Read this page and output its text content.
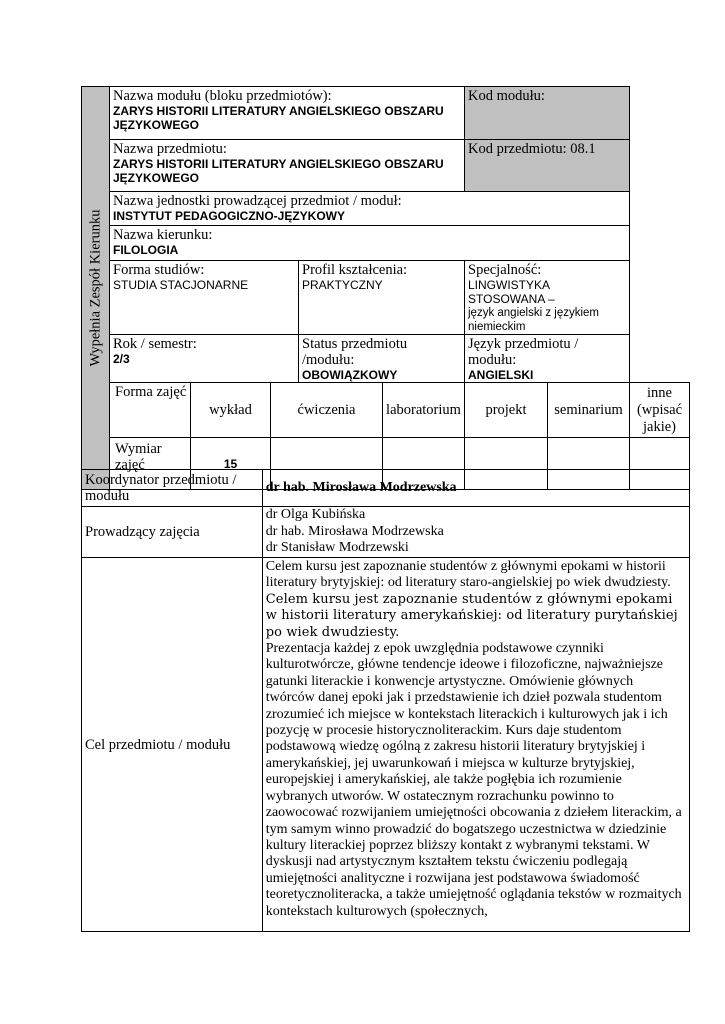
Wypełnia Zespół Kierunku	Nazwa modułu (bloku przedmiotów):
ZARYS HISTORII LITERATURY ANGIELSKIEGO OBSZARU JĘZYKOWEGO					Kod modułu:		

	Nazwa przedmiotu:
ZARYS HISTORII LITERATURY ANGIELSKIEGO OBSZARU JĘZYKOWEGO					Kod przedmiotu: 08.1		

	Nazwa jednostki prowadzącej przedmiot / moduł:
INSTYTUT PEDAGOGICZNO-JĘZYKOWY							

	Nazwa kierunku:
FILOLOGIA							

	Forma studiów:
STUDIA STACJONARNE			Profil kształcenia:
PRAKTYCZNY		Specjalność:
LINGWISTYKA STOSOWANA –
język angielski z językiem niemieckim		

	Rok / semestr:
2/3			Status przedmiotu /modułu:
OBOWIĄZKOWY		Język przedmiotu / modułu:
ANGIELSKI		

	Forma zajęć	wykład	ćwiczenia		laboratorium	projekt	seminarium	inne (wpisać jakie)

	Wymiar zajęć	15						
Koordynator przedmiotu / modułu	dr hab. Mirosława Modrzewska
Prowadzący zajęcia	dr Olga Kubińska
dr hab. Mirosława Modrzewska
dr Stanisław Modrzewski

Cel przedmiotu / modułu	Celem kursu jest zapoznanie studentów z głównymi epokami w historii literatury brytyjskiej: od literatury staro-angielskiej po wiek dwudziesty. Celem kursu jest zapoznanie studentów z głównymi epokami w historii literatury amerykańskiej: od literatury purytańskiej po wiek dwudziesty.
Prezentacja każdej z epok uwzględnia podstawowe czynniki kulturotwórcze, główne tendencje ideowe i filozoficzne, najważniejsze gatunki literackie i konwencje artystyczne. Omówienie głównych twórców danej epoki jak i przedstawienie ich dzieł pozwala studentom zrozumieć ich miejsce w kontekstach literackich i kulturowych jak i ich pozycję w procesie historycznoliterackim. Kurs daje studentom podstawową wiedzę ogólną z zakresu historii literatury brytyjskiej i amerykańskiej, jej uwarunkowań i miejsca w kulturze brytyjskiej, europejskiej i amerykańskiej, ale także pogłębia ich rozumienie wybranych utworów. W ostatecznym rozrachunku powinno to zaowocować rozwijaniem umiejętności obcowania z dziełem literackim, a tym samym winno prowadzić do bogatszego uczestnictwa w dziedzinie kultury literackiej poprzez bliższy kontakt z wybranymi tekstami. W dyskusji nad artystycznym kształtem tekstu ćwiczeniu podlegają umiejętności analityczne i rozwijana jest podstawowa świadomość teoretycznoliteracka, a także umiejętność oglądania tekstów w rozmaitych kontekstach kulturowych (społecznych,
